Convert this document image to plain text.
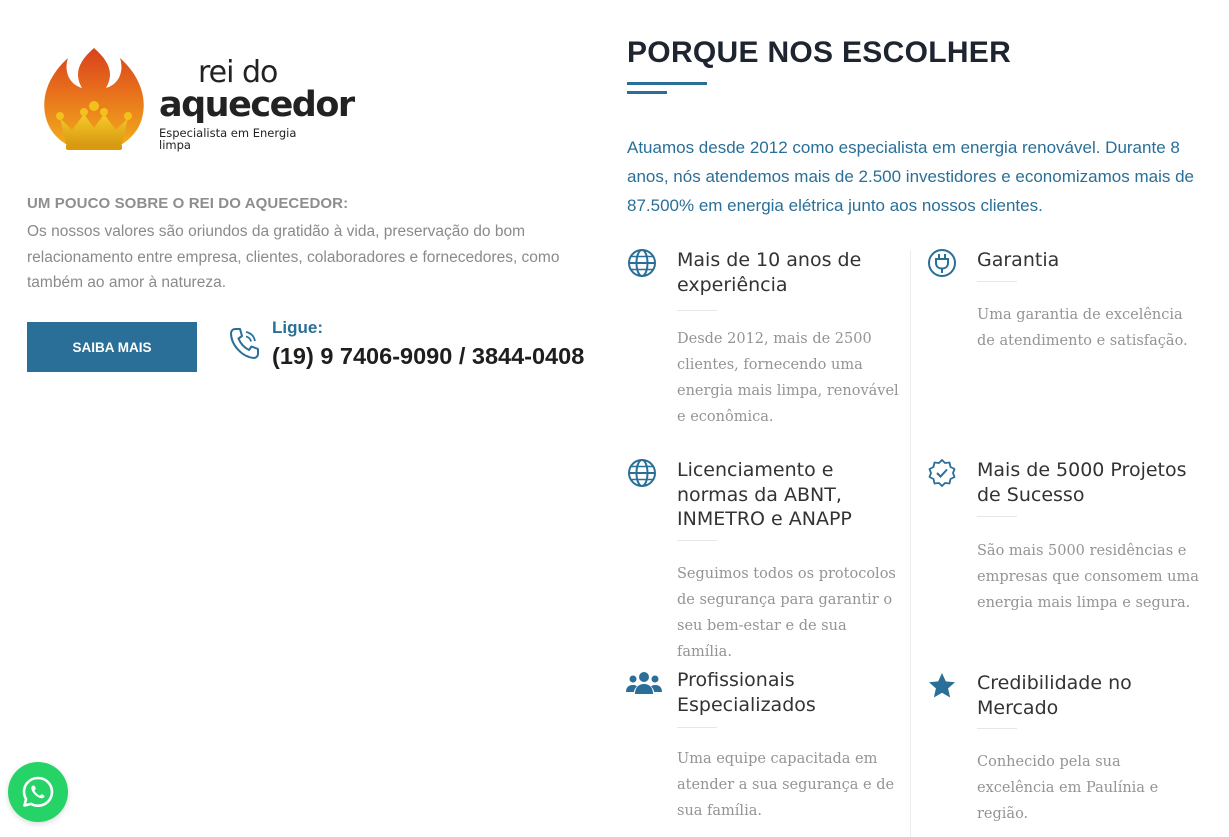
rei do
aquecedor
Especialista em Energia limpa
UM POUCO SOBRE O REI DO AQUECEDOR:
Os nossos valores são oriundos da gratidão à vida, preservação do bom relacionamento entre empresa, clientes, colaboradores e fornecedores, como também ao amor à natureza.
SAIBA MAIS
Ligue:
(19) 9 7406-9090 / 3844-0408
PORQUE NOS ESCOLHER

Atuamos desde 2012 como especialista em energia renovável. Durante 8 anos, nós atendemos mais de 2.500 investidores e economizamos mais de 87.500% em energia elétrica junto aos nossos clientes.

Mais de 10 anos de experiência
Desde 2012, mais de 2500 clientes, fornecendo uma energia mais limpa, renovável e econômica.
Garantia
Uma garantia de excelência de atendimento e satisfação.
Licenciamento e normas da ABNT, INMETRO e ANAPP
Seguimos todos os protocolos de segurança para garantir o seu bem-estar e de sua família.
Mais de 5000 Projetos de Sucesso
São mais 5000 residências e empresas que consomem uma energia mais limpa e segura.
Profissionais Especializados
Uma equipe capacitada em atender a sua segurança e de sua família.
Credibilidade no Mercado
Conhecido pela sua excelência em Paulínia e região.
